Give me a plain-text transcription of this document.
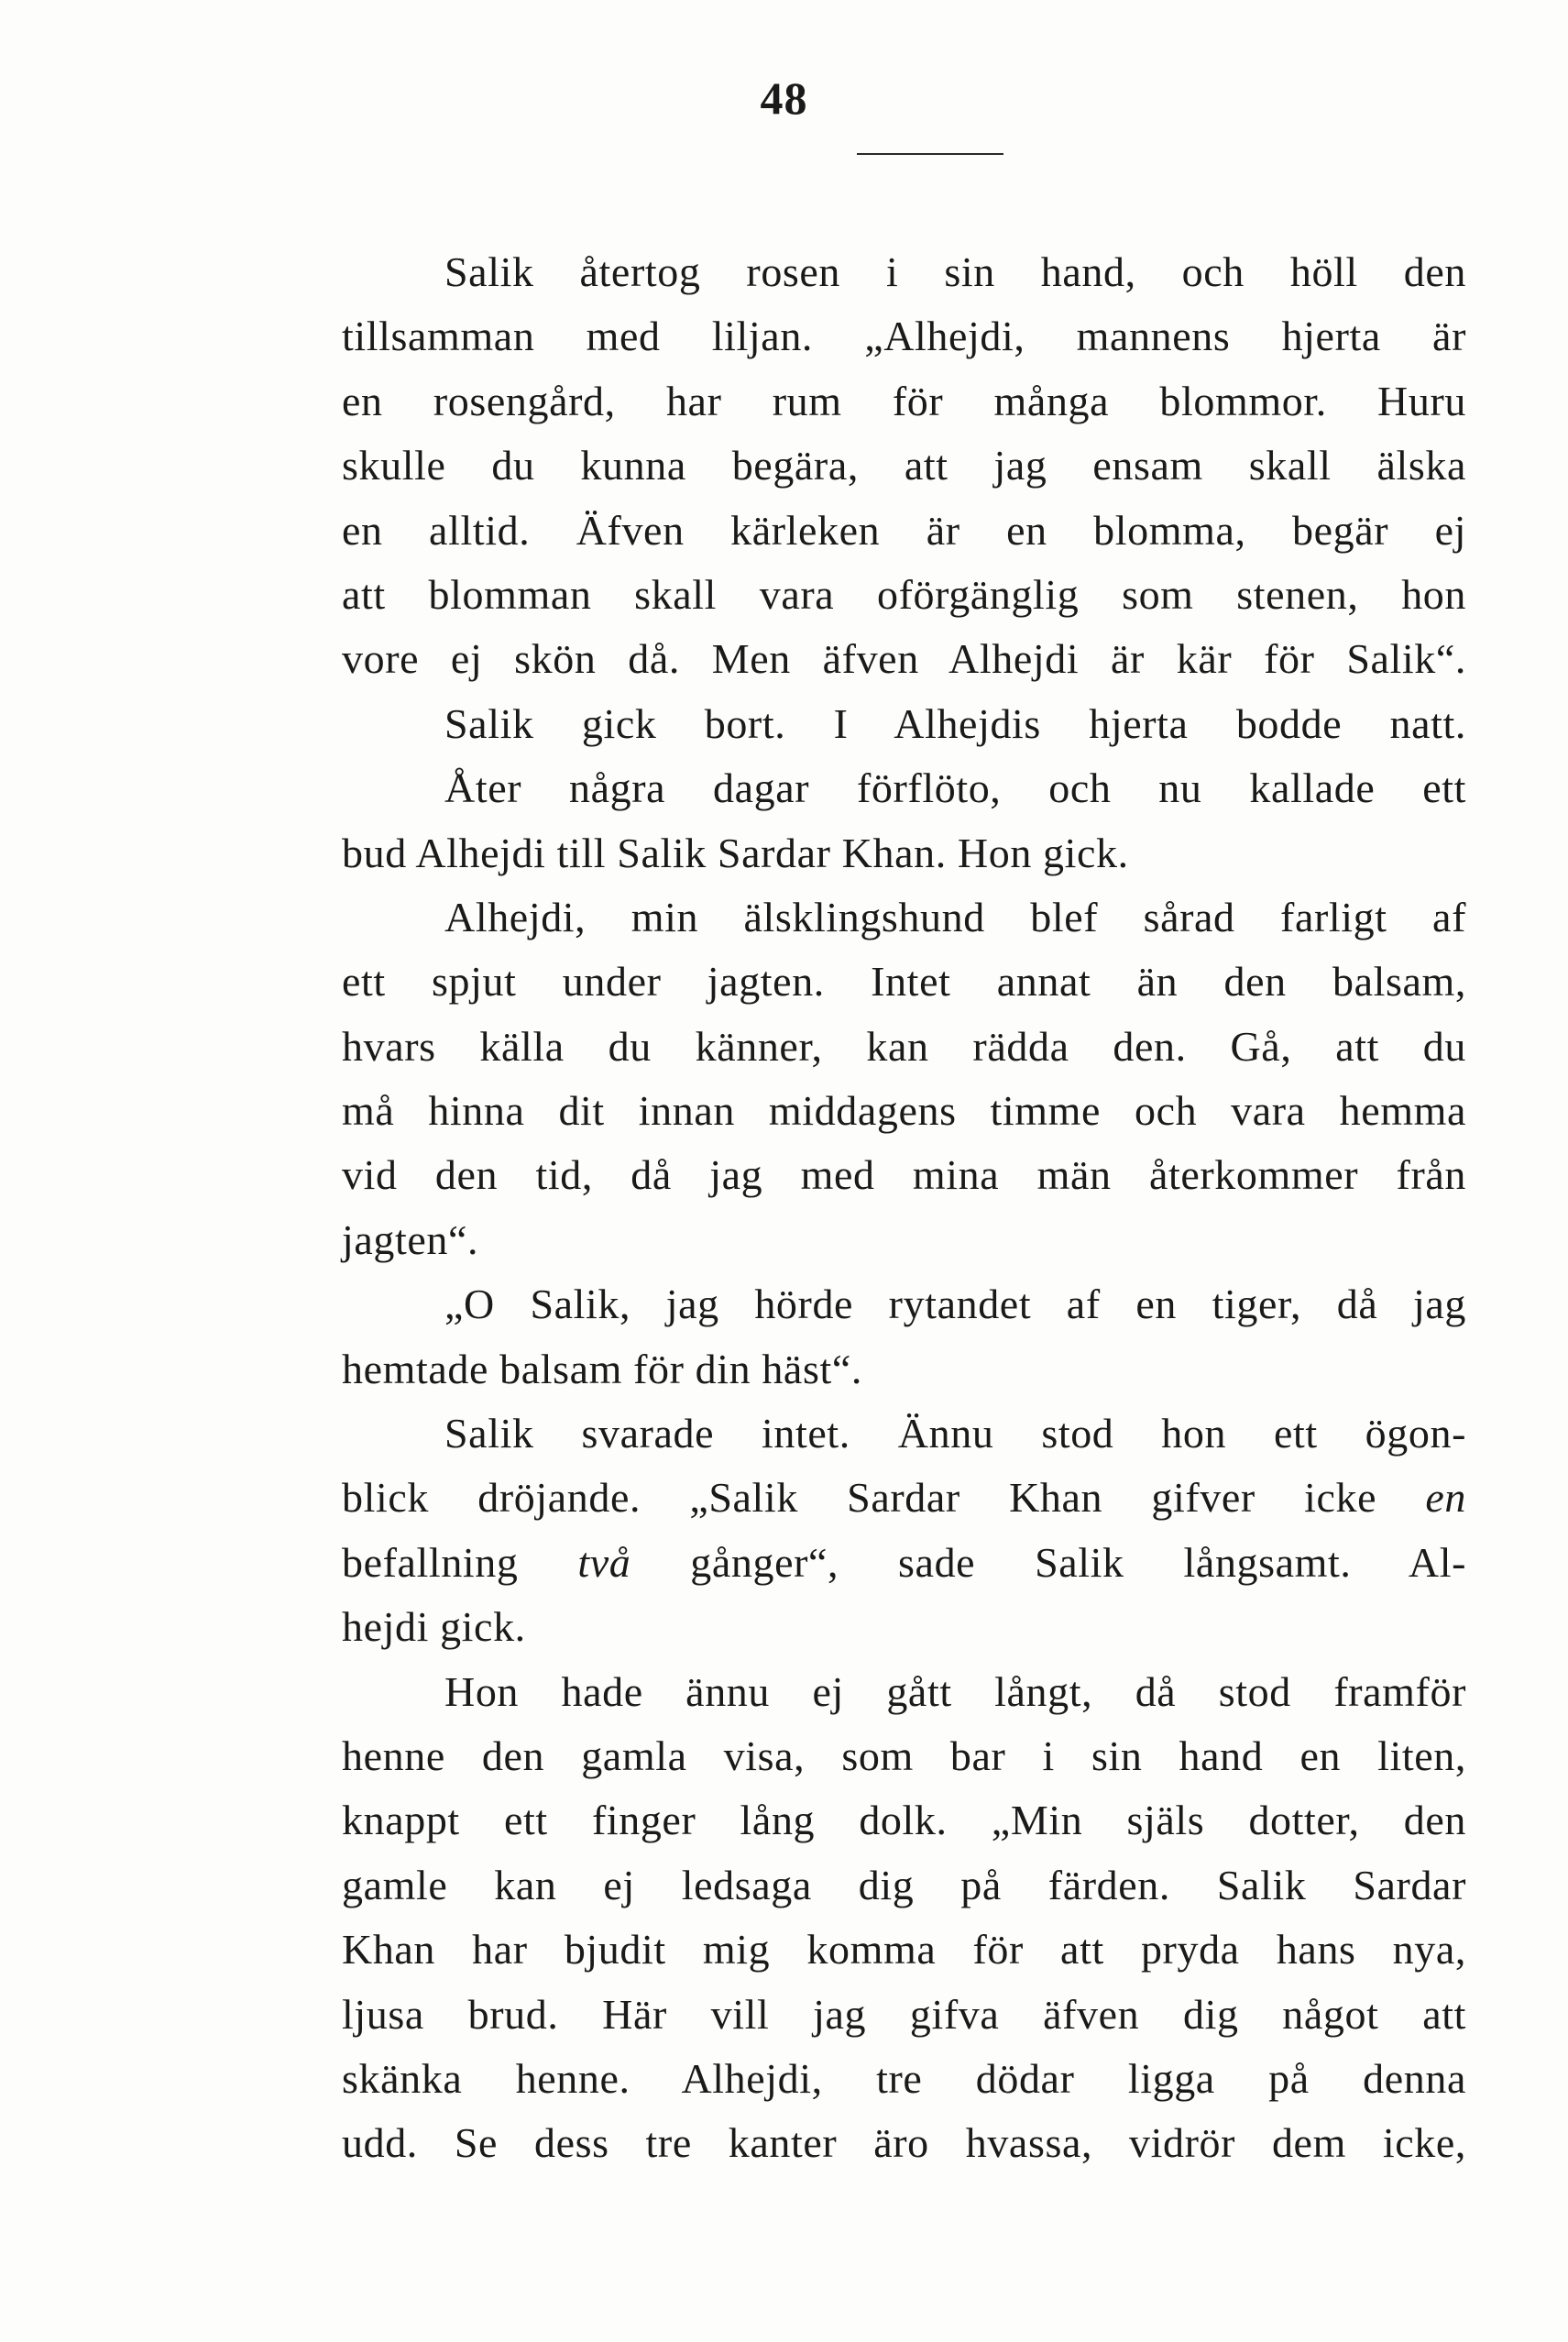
48
Salik återtog rosen i sin hand, och höll den
tillsamman med liljan. „Alhejdi, mannens hjerta är
en rosengård, har rum för många blommor. Huru
skulle du kunna begära, att jag ensam skall älska
en alltid. Äfven kärleken är en blomma, begär ej
att blomman skall vara oförgänglig som stenen, hon
vore ej skön då. Men äfven Alhejdi är kär för Salik“.
Salik gick bort. I Alhejdis hjerta bodde natt.
Åter några dagar förflöto, och nu kallade ett
bud Alhejdi till Salik Sardar Khan. Hon gick.
Alhejdi, min älsklingshund blef sårad farligt af
ett spjut under jagten. Intet annat än den balsam,
hvars källa du känner, kan rädda den. Gå, att du
må hinna dit innan middagens timme och vara hemma
vid den tid, då jag med mina män återkommer från
jagten“.
„O Salik, jag hörde rytandet af en tiger, då jag
hemtade balsam för din häst“.
Salik svarade intet. Ännu stod hon ett ögon-
blick dröjande. „Salik Sardar Khan gifver icke en
befallning två gånger“, sade Salik långsamt. Al-
hejdi gick.
Hon hade ännu ej gått långt, då stod framför
henne den gamla visa, som bar i sin hand en liten,
knappt ett finger lång dolk. „Min själs dotter, den
gamle kan ej ledsaga dig på färden. Salik Sardar
Khan har bjudit mig komma för att pryda hans nya,
ljusa brud. Här vill jag gifva äfven dig något att
skänka henne. Alhejdi, tre dödar ligga på denna
udd. Se dess tre kanter äro hvassa, vidrör dem icke,
